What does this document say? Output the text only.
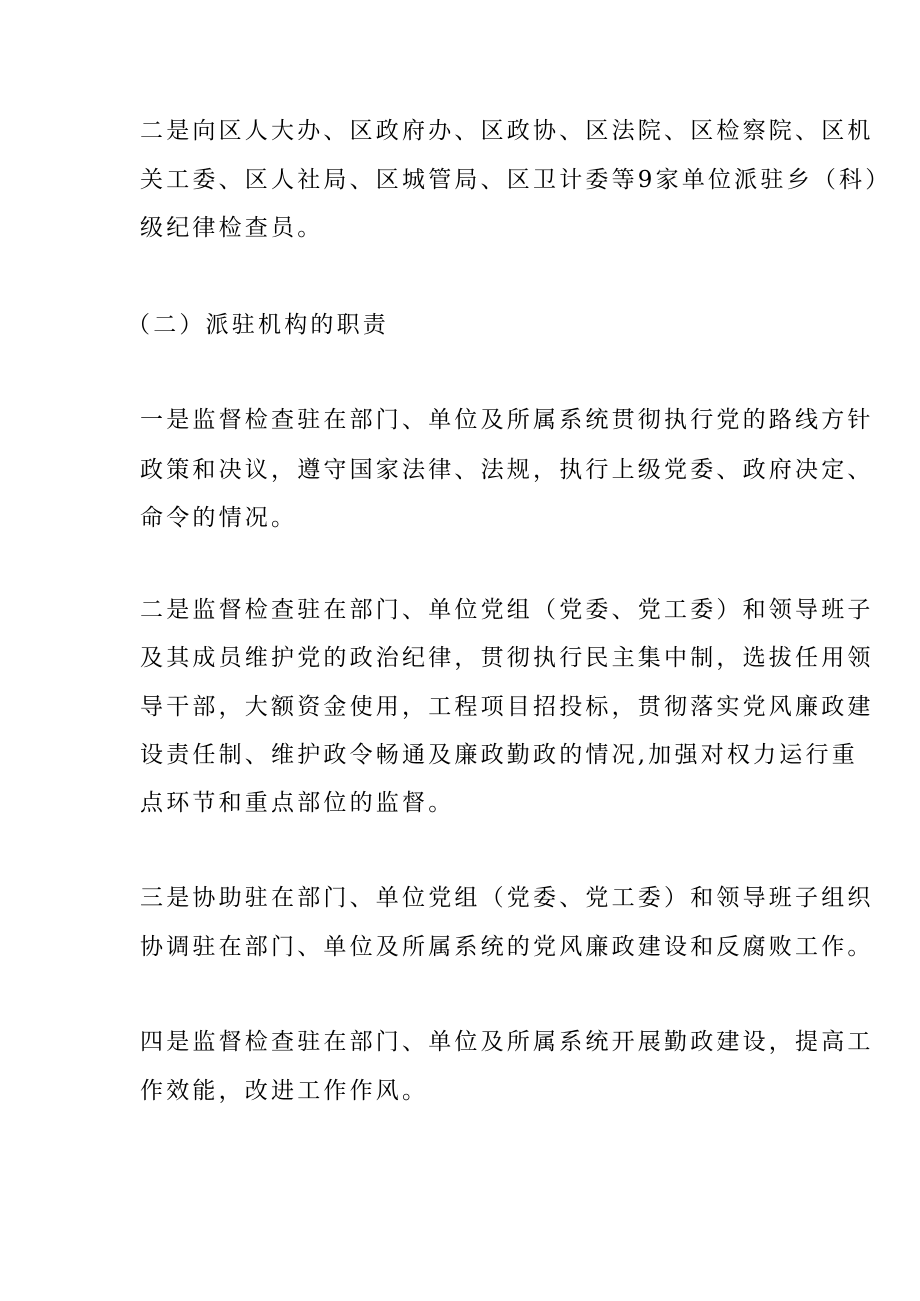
二是向区人大办、区政府办、区政协、区法院、区检察院、区机
关工委、区人社局、区城管局、区卫计委等9家单位派驻乡（科）
级纪律检查员。
（二）派驻机构的职责
一是监督检查驻在部门、单位及所属系统贯彻执行党的路线方针
政策和决议，遵守国家法律、法规，执行上级党委、政府决定、
命令的情况。
二是监督检查驻在部门、单位党组（党委、党工委）和领导班子
及其成员维护党的政治纪律，贯彻执行民主集中制，选拔任用领
导干部，大额资金使用，工程项目招投标，贯彻落实党风廉政建
设责任制、维护政令畅通及廉政勤政的情况,加强对权力运行重
点环节和重点部位的监督。
三是协助驻在部门、单位党组（党委、党工委）和领导班子组织
协调驻在部门、单位及所属系统的党风廉政建设和反腐败工作。
四是监督检查驻在部门、单位及所属系统开展勤政建设，提高工
作效能，改进工作作风。
